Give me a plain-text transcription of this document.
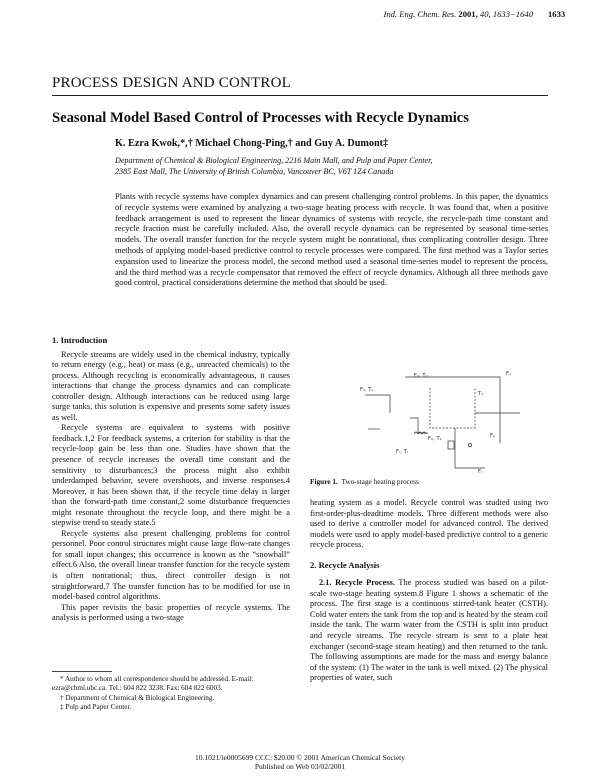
Ind. Eng. Chem. Res. 2001, 40, 1633−1640 1633
PROCESS DESIGN AND CONTROL
Seasonal Model Based Control of Processes with Recycle Dynamics
K. Ezra Kwok,*,† Michael Chong-Ping,† and Guy A. Dumont‡
Department of Chemical & Biological Engineering, 2216 Main Mall, and Pulp and Paper Center,
2385 East Mall, The University of British Columbia, Vancouver BC, V6T 1Z4 Canada
Plants with recycle systems have complex dynamics and can present challenging control problems. In this paper, the dynamics of recycle systems were examined by analyzing a two-stage heating process with recycle. It was found that, when a positive feedback arrangement is used to represent the linear dynamics of systems with recycle, the recycle-path time constant and recycle fraction must be carefully included. Also, the overall recycle dynamics can be represented by seasonal time-series models. The overall transfer function for the recycle system might be nonrational, thus complicating controller design. Three methods of applying model-based predictive control to recycle processes were compared. The first method was a Taylor series expansion used to linearize the process model, the second method used a seasonal time-series model to represent the process, and the third method was a recycle compensator that removed the effect of recycle dynamics. Although all three methods gave good control, practical considerations determine the method that should be used.
1. Introduction

Recycle streams are widely used in the chemical industry, typically to return energy (e.g., heat) or mass (e.g., unreacted chemicals) to the process. Although recycling is economically advantageous, it causes interactions that change the process dynamics and can complicate controller design. Although interactions can be reduced using large surge tanks, this solution is expensive and presents some safety issues as well.

Recycle systems are equivalent to systems with positive feedback.1,2 For feedback systems, a criterion for stability is that the recycle-loop gain be less than one. Studies have shown that the presence of recycle increases the overall time constant and the sensitivity to disturbances;3 the process might also exhibit underdamped behavior, severe overshoots, and inverse responses.4 Moreover, it has been shown that, if the recycle time delay is larger than the forward-path time constant,2 some disturbance frequencies might resonate throughout the recycle loop, and there might be a stepwise trend to steady state.5

Recycle systems also present challenging problems for control personnel. Poor control structures might cause large flow-rate changes for small input changes; this occurrence is known as the “snowball” effect.6 Also, the overall linear transfer function for the recycle system is often nonrational; thus, direct controller design is not straightforward.7 The transfer function has to be modified for use in model-based control algorithms.

This paper revisits the basic properties of recycle systems. The analysis is performed using a two-stage

* Author to whom all correspondence should be addressed. E-mail: ezra@chml.ubc.ca. Tel.: 604 822 3238. Fax: 604 822 6003.

† Department of Chemical & Biological Engineering.

‡ Pulp and Paper Center.

F₀, T₀	F₁
T₁
Fₛ, Tₛ
Fₚ
F₂, T₂
Fᵣ, Tᵣ
Fᵣ
Figure 1. Two-stage heating process

heating system as a model. Recycle control was studied using two first-order-plus-deadtime models. Three different methods were also used to derive a controller model for advanced control. The derived models were used to apply model-based predictive control to a generic recycle process.

2. Recycle Analysis

2.1. Recycle Process. The process studied was based on a pilot-scale two-stage heating system.8 Figure 1 shows a schematic of the process. The first stage is a continuous stirred-tank heater (CSTH). Cold water enters the tank from the top and is heated by the steam coil inside the tank. The warm water from the CSTH is split into product and recycle streams. The recycle stream is sent to a plate heat exchanger (second-stage steam heating) and then returned to the tank. The following assumptions are made for the mass and energy balance of the system: (1) The water in the tank is well mixed. (2) The physical properties of water, such

10.1021/ie0005699 CCC: $20.00 © 2001 American Chemical Society
Published on Web 03/02/2001
